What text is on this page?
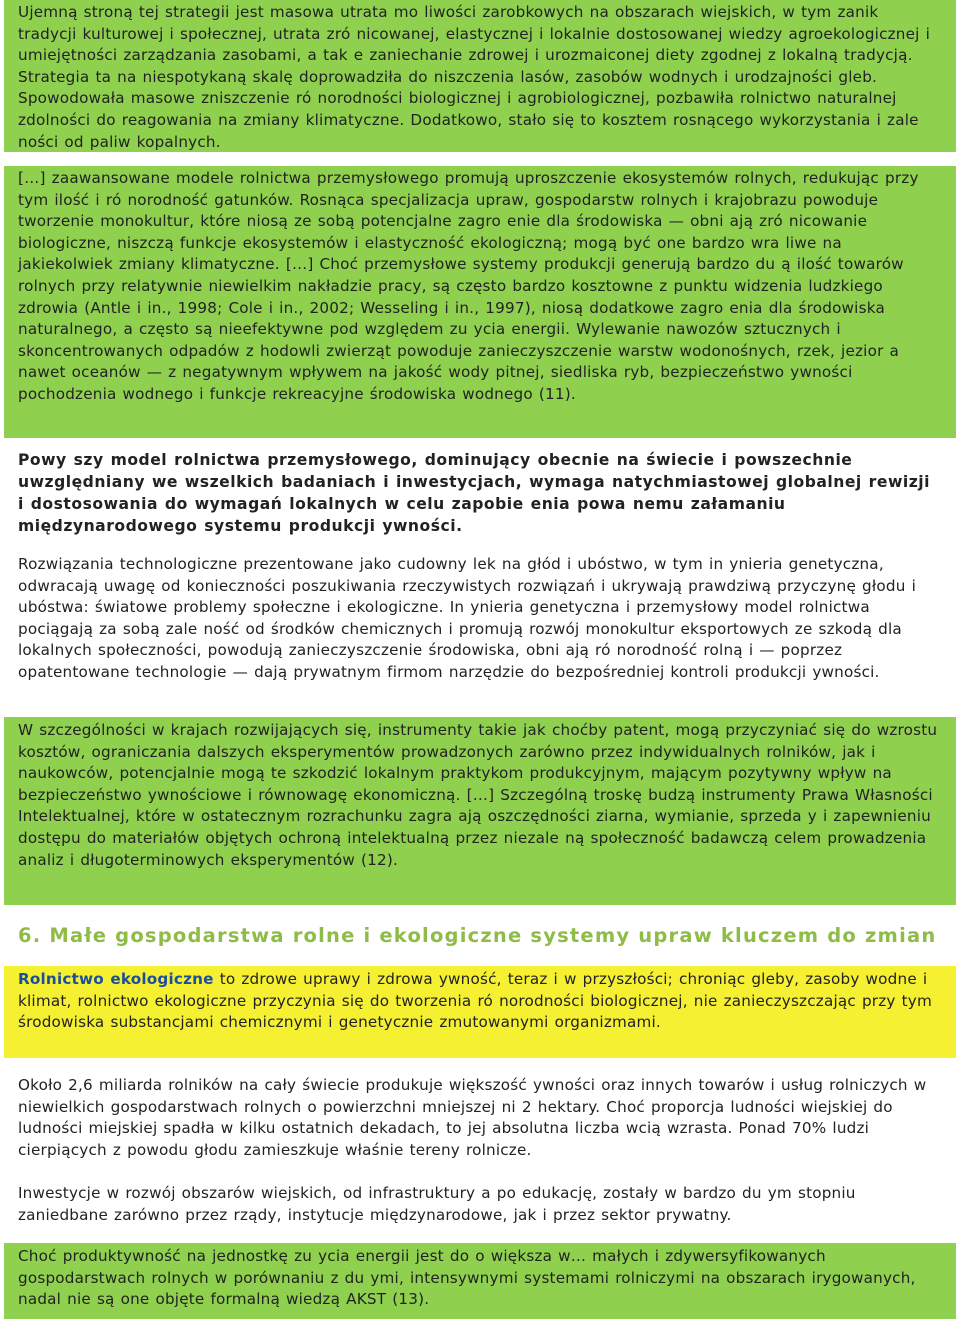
Ujemną stroną tej strategii jest masowa utrata mo liwości zarobkowych na obszarach wiejskich, w tym zanik tradycji kulturowej i społecznej, utrata zró nicowanej, elastycznej i lokalnie dostosowanej wiedzy agroekologicznej i umiejętności zarządzania zasobami, a tak e zaniechanie zdrowej i urozmaiconej diety zgodnej z lokalną tradycją. Strategia ta na niespotykaną skalę doprowadziła do niszczenia lasów, zasobów wodnych i urodzajności gleb. Spowodowała masowe zniszczenie ró norodności biologicznej i agrobiologicznej, pozbawiła rolnictwo naturalnej zdolności do reagowania na zmiany klimatyczne. Dodatkowo, stało się to kosztem rosnącego wykorzystania i zale ności od paliw kopalnych.

[…] zaawansowane modele rolnictwa przemysłowego promują uproszczenie ekosystemów rolnych, redukując przy tym ilość i ró norodność gatunków. Rosnąca specjalizacja upraw, gospodarstw rolnych i krajobrazu powoduje tworzenie monokultur, które niosą ze sobą potencjalne zagro enie dla środowiska — obni ają zró nicowanie biologiczne, niszczą funkcje ekosystemów i elastyczność ekologiczną; mogą być one bardzo wra liwe na jakiekolwiek zmiany klimatyczne. […] Choć przemysłowe systemy produkcji generują bardzo du ą ilość towarów rolnych przy relatywnie niewielkim nakładzie pracy, są często bardzo kosztowne z punktu widzenia ludzkiego zdrowia (Antle i in., 1998; Cole i in., 2002; Wesseling i in., 1997), niosą dodatkowe zagro enia dla środowiska naturalnego, a często są nieefektywne pod względem zu ycia energii. Wylewanie nawozów sztucznych i skoncentrowanych odpadów z hodowli zwierząt powoduje zanieczyszczenie warstw wodonośnych, rzek, jezior a nawet oceanów — z negatywnym wpływem na jakość wody pitnej, siedliska ryb, bezpieczeństwo ywności pochodzenia wodnego i funkcje rekreacyjne środowiska wodnego (11).

Powy szy model rolnictwa przemysłowego, dominujący obecnie na świecie i powszechnie uwzględniany we wszelkich badaniach i inwestycjach, wymaga natychmiastowej globalnej rewizji i dostosowania do wymagań lokalnych w celu zapobie enia powa nemu załamaniu międzynarodowego systemu produkcji ywności.

Rozwiązania technologiczne prezentowane jako cudowny lek na głód i ubóstwo, w tym in ynieria genetyczna, odwracają uwagę od konieczności poszukiwania rzeczywistych rozwiązań i ukrywają prawdziwą przyczynę głodu i ubóstwa: światowe problemy społeczne i ekologiczne. In ynieria genetyczna i przemysłowy model rolnictwa pociągają za sobą zale ność od środków chemicznych i promują rozwój monokultur eksportowych ze szkodą dla lokalnych społeczności, powodują zanieczyszczenie środowiska, obni ają ró norodność rolną i — poprzez opatentowane technologie — dają prywatnym firmom narzędzie do bezpośredniej kontroli produkcji ywności.

W szczególności w krajach rozwijających się, instrumenty takie jak choćby patent, mogą przyczyniać się do wzrostu kosztów, ograniczania dalszych eksperymentów prowadzonych zarówno przez indywidualnych rolników, jak i naukowców, potencjalnie mogą te szkodzić lokalnym praktykom produkcyjnym, mającym pozytywny wpływ na bezpieczeństwo ywnościowe i równowagę ekonomiczną. […] Szczególną troskę budzą instrumenty Prawa Własności Intelektualnej, które w ostatecznym rozrachunku zagra ają oszczędności ziarna, wymianie, sprzeda y i zapewnieniu dostępu do materiałów objętych ochroną intelektualną przez niezale ną społeczność badawczą celem prowadzenia analiz i długoterminowych eksperymentów (12).

6. Małe gospodarstwa rolne i ekologiczne systemy upraw kluczem do zmian

Rolnictwo ekologiczne to zdrowe uprawy i zdrowa ywność, teraz i w przyszłości; chroniąc gleby, zasoby wodne i klimat, rolnictwo ekologiczne przyczynia się do tworzenia ró norodności biologicznej, nie zanieczyszczając przy tym środowiska substancjami chemicznymi i genetycznie zmutowanymi organizmami.

Około 2,6 miliarda rolników na cały świecie produkuje większość ywności oraz innych towarów i usług rolniczych w niewielkich gospodarstwach rolnych o powierzchni mniejszej ni 2 hektary. Choć proporcja ludności wiejskiej do ludności miejskiej spadła w kilku ostatnich dekadach, to jej absolutna liczba wcią wzrasta. Ponad 70% ludzi cierpiących z powodu głodu zamieszkuje właśnie tereny rolnicze.

Inwestycje w rozwój obszarów wiejskich, od infrastruktury a po edukację, zostały w bardzo du ym stopniu zaniedbane zarówno przez rządy, instytucje międzynarodowe, jak i przez sektor prywatny.

Choć produktywność na jednostkę zu ycia energii jest do o większa w… małych i zdywersyfikowanych gospodarstwach rolnych w porównaniu z du ymi, intensywnymi systemami rolniczymi na obszarach irygowanych, nadal nie są one objęte formalną wiedzą AKST (13).
